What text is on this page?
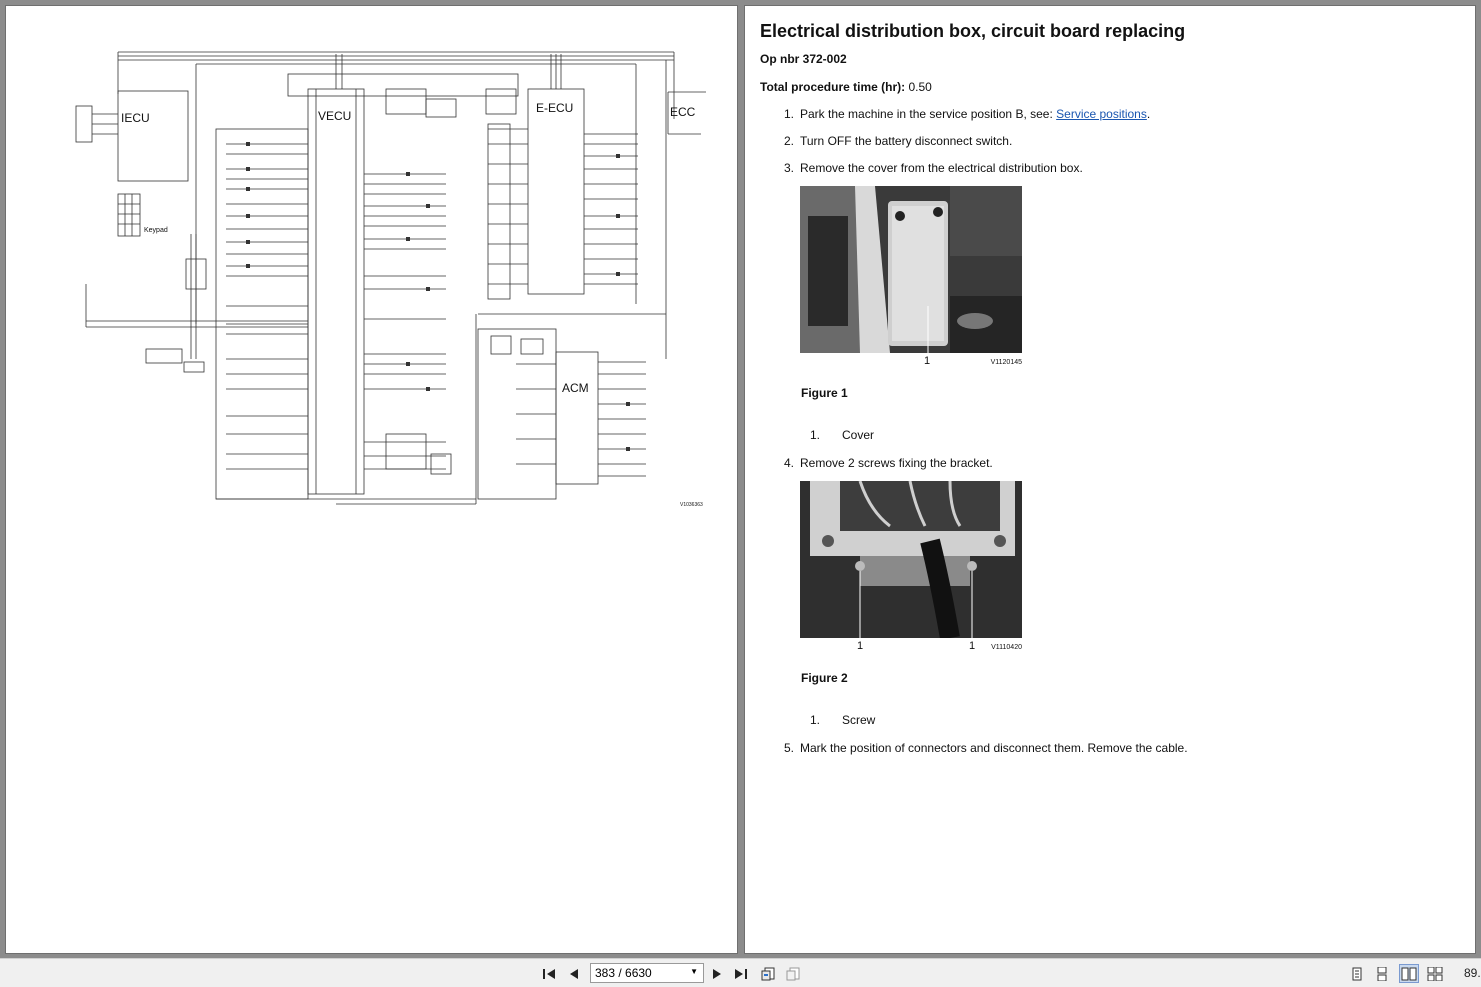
IECU	VECU
E-ECU	ECC
ACM
Keypad
V1036363
Electrical distribution box, circuit board replacing
Op nbr 372-002
Total procedure time (hr): 0.50
1. Park the machine in the service position B, see: Service positions.
2. Turn OFF the battery disconnect switch.
3. Remove the cover from the electrical distribution box.
1	V1120145
Figure 1
1. Cover
4. Remove 2 screws fixing the bracket.
1	1 V1110420
Figure 2
1. Screw
5. Mark the position of connectors and disconnect them. Remove the cable.
383 / 6630	▼	89.
